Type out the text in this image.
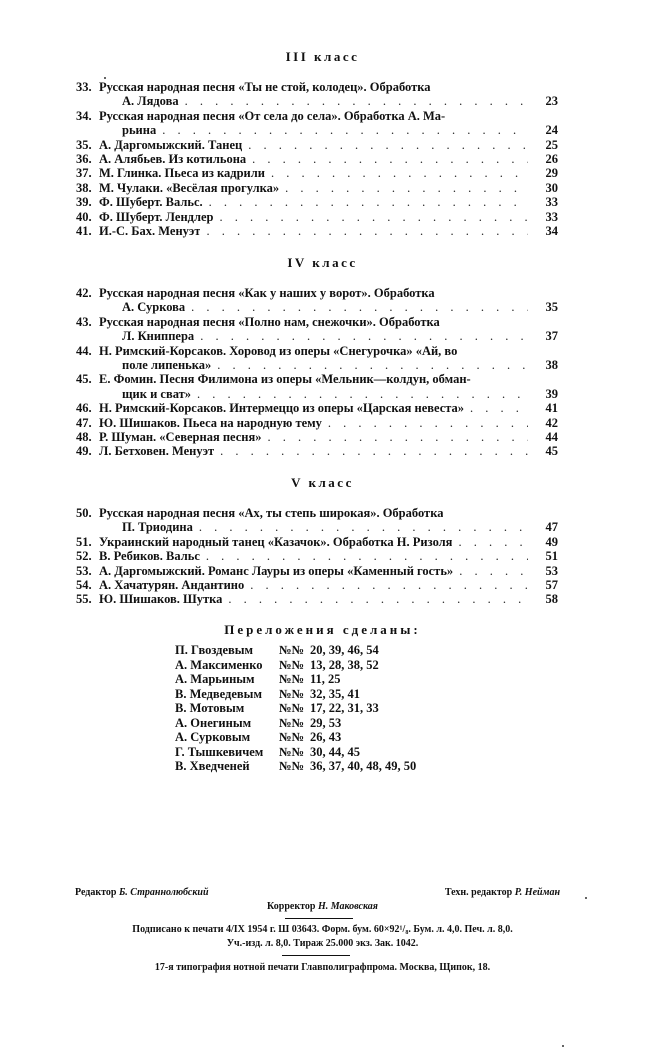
III класс
33. Русская народная песня «Ты не стой, колодец». Обработка
А. Лядова . . .	23
34. Русская народная песня «От села до села». Обработка А. Ма-
рьина . . .	24
35. А. Даргомыжский. Танец . . .	25
36. А. Алябьев. Из котильона . . .	26
37. М. Глинка. Пьеса из кадрили . . .	29
38. М. Чулаки. «Весёлая прогулка» . . .	30
39. Ф. Шуберт. Вальс. . . .	33
40. Ф. Шуберт. Лендлер . . .	33
41. И.-С. Бах. Менуэт . . .	34
IV класс
42. Русская народная песня «Как у наших у ворот». Обработка
А. Суркова . . .	35
43. Русская народная песня «Полно нам, снежочки». Обработка
Л. Книппера . . .	37
44. Н. Римский-Корсаков. Хоровод из оперы «Снегурочка» «Ай, во
поле липенька» . . .	38
45. Е. Фомин. Песня Филимона из оперы «Мельник—колдун, обман-
щик и сват» . . .	39
46. Н. Римский-Корсаков. Интермеццо из оперы «Царская невеста» . . .	41
47. Ю. Шишаков. Пьеса на народную тему . . .	42
48. Р. Шуман. «Северная песня» . . .	44
49. Л. Бетховен. Менуэт . . .	45
V класс
50. Русская народная песня «Ах, ты степь широкая». Обработка
П. Триодина . . .	47
51. Украинский народный танец «Казачок». Обработка Н. Ризоля . . .	49
52. В. Ребиков. Вальс . . .	51
53. А. Даргомыжский. Романс Лауры из оперы «Каменный гость» . . .	53
54. А. Хачатурян. Андантино . . .	57
55. Ю. Шишаков. Шутка . . .	58
Переложения сделаны:
П. Гвоздевым	№№ 20, 39, 46, 54
А. Максименко	№№ 13, 28, 38, 52
А. Марьиным	№№ 11, 25
В. Медведевым	№№ 32, 35, 41
В. Мотовым	№№ 17, 22, 31, 33
А. Онегиным	№№ 29, 53
А. Сурковым	№№ 26, 43
Г. Тышкевичем	№№ 30, 44, 45
В. Хведченей	№№ 36, 37, 40, 48, 49, 50
Редактор Б. Страннолюбский	Техн. редактор Р. Нейман
Корректор Н. Маковская
Подписано к печати 4/IX 1954 г. Ш 03643. Форм. бум. 60×92¹/₈. Бум. л. 4,0. Печ. л. 8,0.
Уч.-изд. л. 8,0. Тираж 25.000 экз. Зак. 1042.
17-я типография нотной печати Главполиграфпрома. Москва, Щипок, 18.
